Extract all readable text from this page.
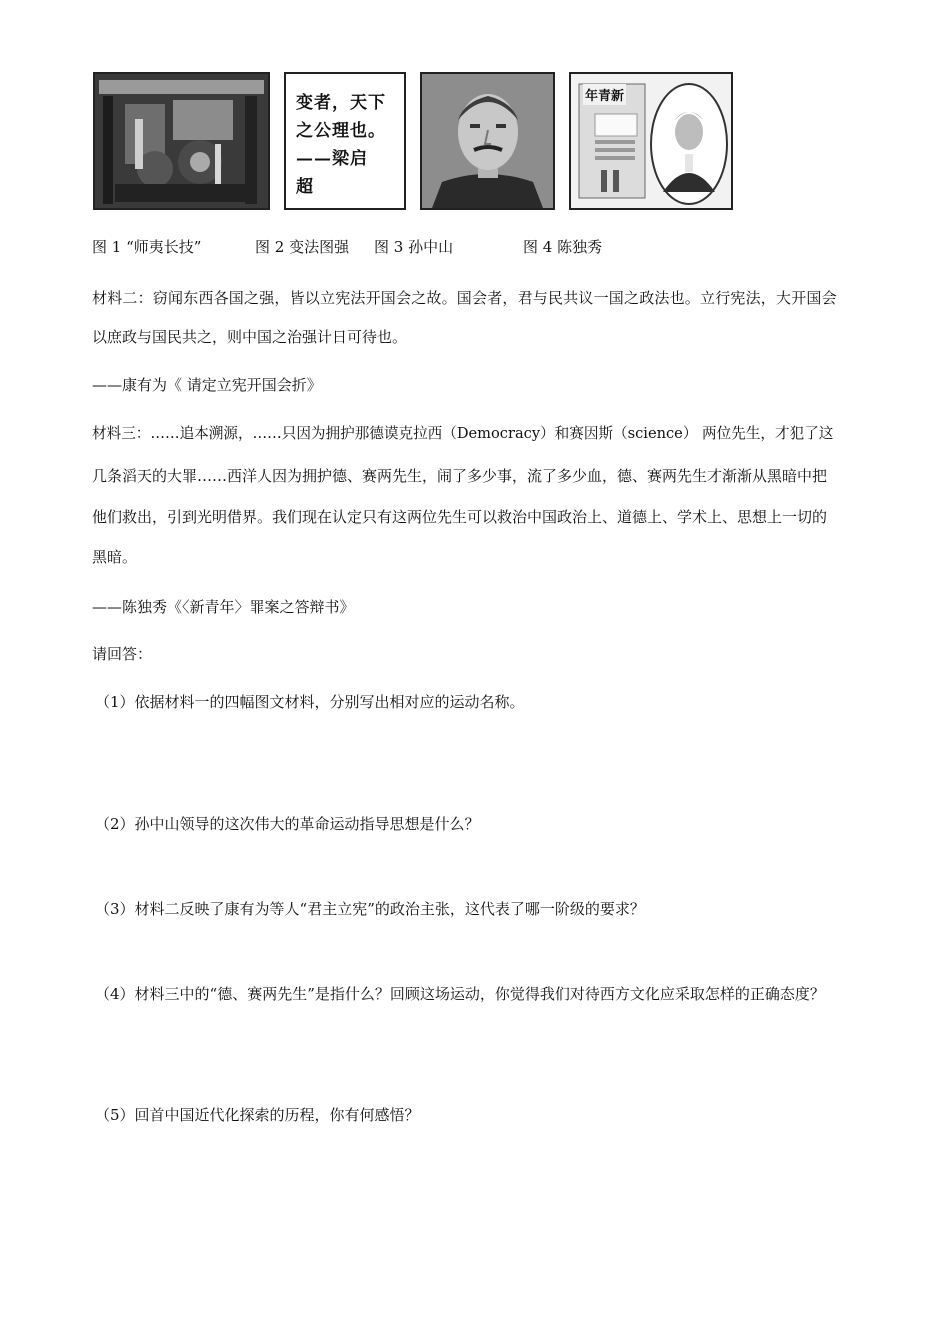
变者，天下
之公理也。
——梁启
超
年青新
图 1 “师夷长技”	图 2 变法图强 图 3 孙中山	图 4 陈独秀
材料二：窃闻东西各国之强，皆以立宪法开国会之故。国会者，君与民共议一国之政法也。立行宪法，大开国会
以庶政与国民共之，则中国之治强计日可待也。
——康有为《 请定立宪开国会折》
材料三：……追本溯源，……只因为拥护那德谟克拉西（Democracy）和赛因斯（science） 两位先生，才犯了这
几条滔天的大罪……西洋人因为拥护德、赛两先生，闹了多少事，流了多少血，德、赛两先生才渐渐从黑暗中把
他们救出，引到光明借界。我们现在认定只有这两位先生可以救治中国政治上、道德上、学术上、思想上一切的
黑暗。
——陈独秀《〈新青年〉罪案之答辩书》
请回答：
（1）依据材料一的四幅图文材料，分别写出相对应的运动名称。
（2）孙中山领导的这次伟大的革命运动指导思想是什么？
（3）材料二反映了康有为等人“君主立宪”的政治主张，这代表了哪一阶级的要求？
（4）材料三中的“德、赛两先生”是指什么？回顾这场运动，你觉得我们对待西方文化应采取怎样的正确态度？
（5）回首中国近代化探索的历程，你有何感悟？
